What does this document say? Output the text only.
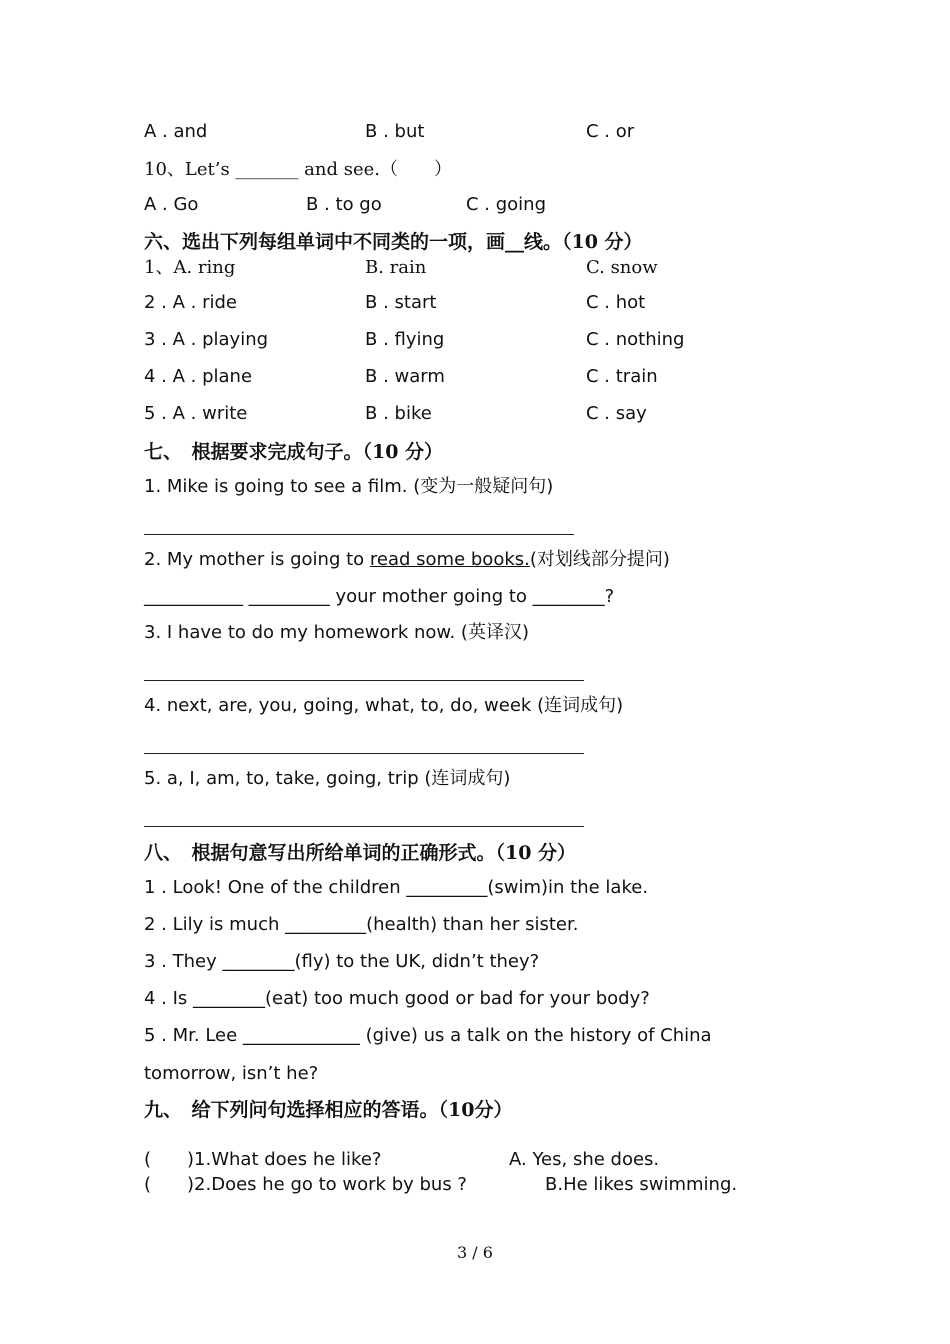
A . and	B . but	C . or
10、Let’s _______ and see.（　　）
A . Go	B . to go	C . going
六、选出下列每组单词中不同类的一项，画__线。（10 分）
1、A. ring	B. rain	C. snow
2 . A . ride	B . start	C . hot
3 . A . playing	B . flying	C . nothing
4 . A . plane	B . warm	C . train
5 . A . write	B . bike	C . say
七、　根据要求完成句子。（10 分）
1. Mike is going to see a film. (变为一般疑问句)
2. My mother is going to read some books.(对划线部分提问)
___________ _________ your mother going to ________?
3. I have to do my homework now. (英译汉)
4. next, are, you, going, what, to, do, week (连词成句)
5. a, I, am, to, take, going, trip (连词成句)
八、　根据句意写出所给单词的正确形式。（10 分）
1 . Look! One of the children _________(swim)in the lake.
2 . Lily is much _________(health) than her sister.
3 . They ________(fly) to the UK, didn’t they?
4 . Is ________(eat) too much good or bad for your body?
5 . Mr. Lee _____________ (give) us a talk on the history of China
tomorrow, isn’t he?
九、　给下列问句选择相应的答语。（10分）
(　　)1.What does he like?	A. Yes, she does.
(　　)2.Does he go to work by bus ?	B.He likes swimming.
3 / 6
